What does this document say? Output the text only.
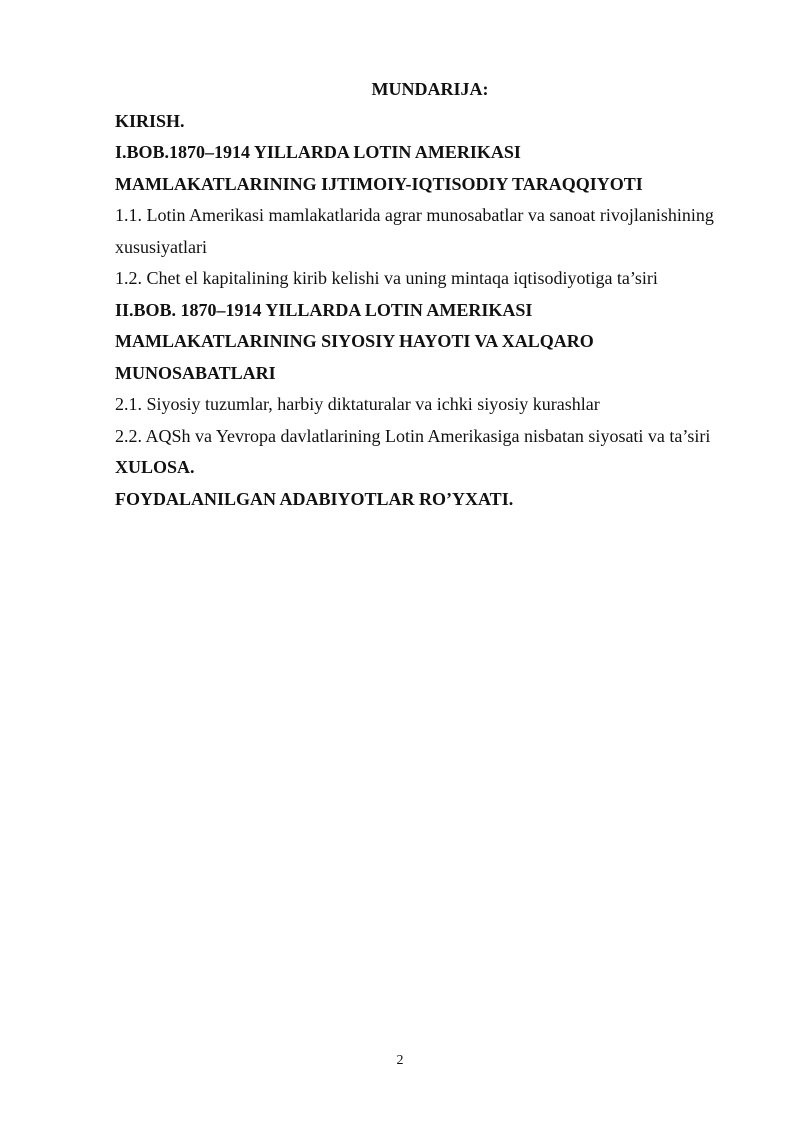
MUNDARIJA:

KIRISH.

I.BOB.1870–1914 YILLARDA LOTIN AMERIKASI

MAMLAKATLARINING IJTIMOIY-IQTISODIY TARAQQIYOTI

1.1. Lotin Amerikasi mamlakatlarida agrar munosabatlar va sanoat rivojlanishining xususiyatlari

1.2. Chet el kapitalining kirib kelishi va uning mintaqa iqtisodiyotiga ta’siri

II.BOB. 1870–1914 YILLARDA LOTIN AMERIKASI

MAMLAKATLARINING SIYOSIY HAYOTI VA XALQARO

MUNOSABATLARI

2.1. Siyosiy tuzumlar, harbiy diktaturalar va ichki siyosiy kurashlar

2.2. AQSh va Yevropa davlatlarining Lotin Amerikasiga nisbatan siyosati va ta’siri

XULOSA.

FOYDALANILGAN ADABIYOTLAR RO’YXATI.

2
